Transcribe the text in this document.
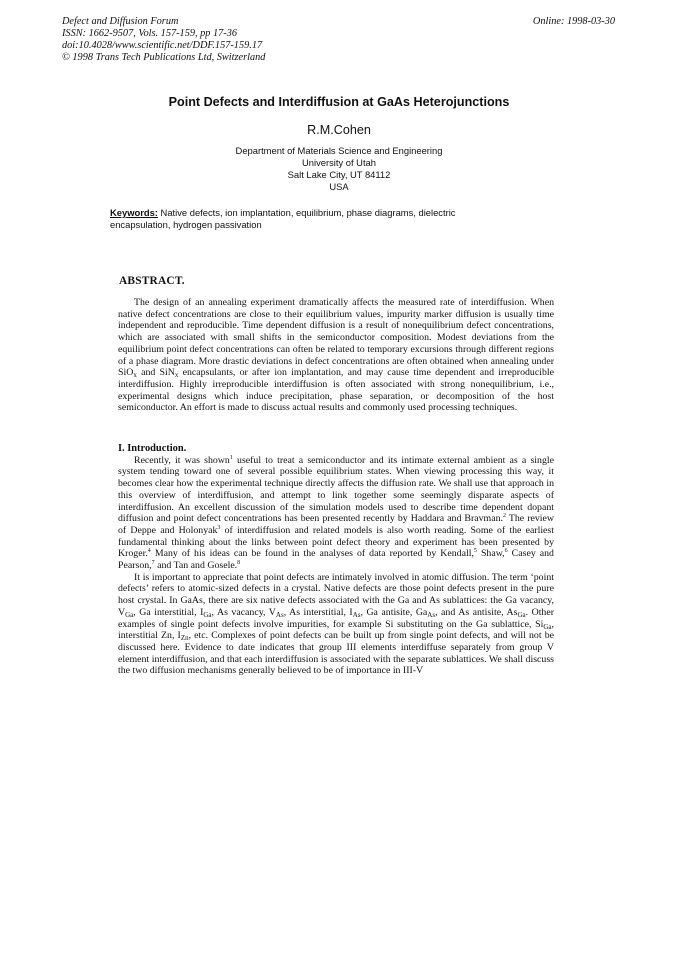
Defect and Diffusion Forum
ISSN: 1662-9507, Vols. 157-159, pp 17-36
doi:10.4028/www.scientific.net/DDF.157-159.17
© 1998 Trans Tech Publications Ltd, Switzerland
Online: 1998-03-30
Point Defects and Interdiffusion at GaAs Heterojunctions
R.M.Cohen
Department of Materials Science and Engineering
University of Utah
Salt Lake City, UT 84112
USA
Keywords: Native defects, ion implantation, equilibrium, phase diagrams, dielectric encapsulation, hydrogen passivation
ABSTRACT.

The design of an annealing experiment dramatically affects the measured rate of interdiffusion. When native defect concentrations are close to their equilibrium values, impurity marker diffusion is usually time independent and reproducible. Time dependent diffusion is a result of nonequilibrium defect concentrations, which are associated with small shifts in the semiconductor composition. Modest deviations from the equilibrium point defect concentrations can often be related to temporary excursions through different regions of a phase diagram. More drastic deviations in defect concentrations are often obtained when annealing under SiO$_x$ and SiN$_x$ encapsulants, or after ion implantation, and may cause time dependent and irreproducible interdiffusion. Highly irreproducible interdiffusion is often associated with strong nonequilibrium, i.e., experimental designs which induce precipitation, phase separation, or decomposition of the host semiconductor. An effort is made to discuss actual results and commonly used processing techniques.

I. Introduction.

Recently, it was shown$^1$ useful to treat a semiconductor and its intimate external ambient as a single system tending toward one of several possible equilibrium states. When viewing processing this way, it becomes clear how the experimental technique directly affects the diffusion rate. We shall use that approach in this overview of interdiffusion, and attempt to link together some seemingly disparate aspects of interdiffusion. An excellent discussion of the simulation models used to describe time dependent dopant diffusion and point defect concentrations has been presented recently by Haddara and Bravman.$^2$ The review of Deppe and Holonyak$^3$ of interdiffusion and related models is also worth reading. Some of the earliest fundamental thinking about the links between point defect theory and experiment has been presented by Kroger.$^4$ Many of his ideas can be found in the analyses of data reported by Kendall,$^5$ Shaw,$^6$ Casey and Pearson,$^7$ and Tan and Gosele.$^8$

It is important to appreciate that point defects are intimately involved in atomic diffusion. The term ‘point defects’ refers to atomic-sized defects in a crystal. Native defects are those point defects present in the pure host crystal. In GaAs, there are six native defects associated with the Ga and As sublattices: the Ga vacancy, $V_{Ga}$, Ga interstitial, $I_{Ga}$, As vacancy, $V_{As}$, As interstitial, $I_{As}$, Ga antisite, $Ga_{As}$, and As antisite, $As_{Ga}$. Other examples of single point defects involve impurities, for example Si substituting on the Ga sublattice, $Si_{Ga}$, interstitial Zn, $I_{Zn}$, etc. Complexes of point defects can be built up from single point defects, and will not be discussed here. Evidence to date indicates that group III elements interdiffuse separately from group V element interdiffusion, and that each interdiffusion is associated with the separate sublattices. We shall discuss the two diffusion mechanisms generally believed to be of importance in III-V
